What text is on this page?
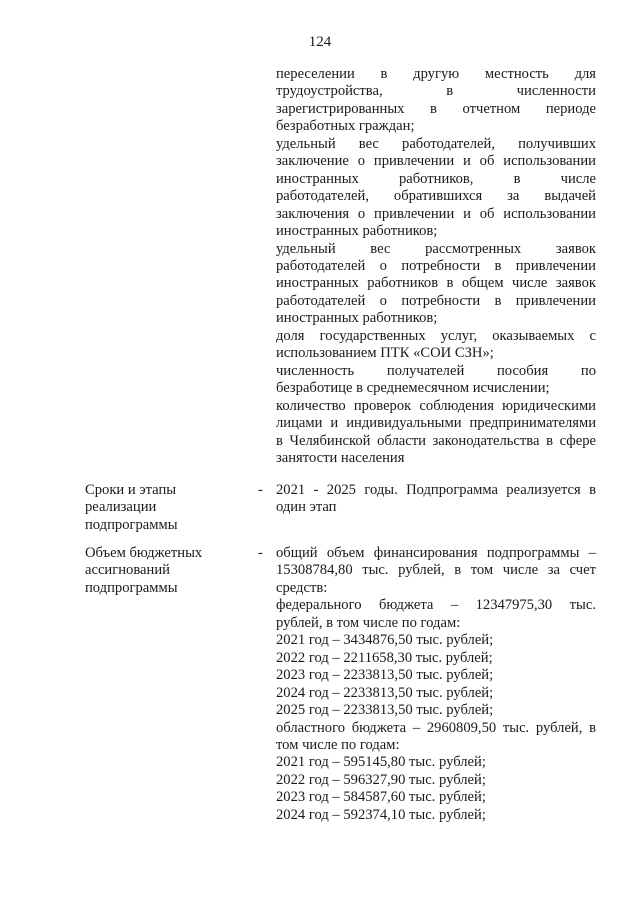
124
переселении в другую местность для
трудоустройства, в численности
зарегистрированных в отчетном периоде
безработных граждан;
удельный вес работодателей, получивших
заключение о привлечении и об использовании
иностранных работников, в числе
работодателей, обратившихся за выдачей
заключения о привлечении и об использовании
иностранных работников;
удельный вес рассмотренных заявок
работодателей о потребности в привлечении
иностранных работников в общем числе заявок
работодателей о потребности в привлечении
иностранных работников;
доля государственных услуг, оказываемых с
использованием ПТК «СОИ СЗН»;
численность получателей пособия по
безработице в среднемесячном исчислении;
количество проверок соблюдения юридическими
лицами и индивидуальными предпринимателями
в Челябинской области законодательства в сфере
занятости населения
Сроки и этапы
реализации
подпрограммы
- 2021 - 2025 годы. Подпрограмма реализуется в
один этап
Объем бюджетных
ассигнований
подпрограммы
- общий объем финансирования подпрограммы –
15308784,80 тыс. рублей, в том числе за счет
средств:
федерального бюджета – 12347975,30 тыс.
рублей, в том числе по годам:
2021 год – 3434876,50 тыс. рублей;
2022 год – 2211658,30 тыс. рублей;
2023 год – 2233813,50 тыс. рублей;
2024 год – 2233813,50 тыс. рублей;
2025 год – 2233813,50 тыс. рублей;
областного бюджета – 2960809,50 тыс. рублей, в
том числе по годам:
2021 год – 595145,80 тыс. рублей;
2022 год – 596327,90 тыс. рублей;
2023 год – 584587,60 тыс. рублей;
2024 год – 592374,10 тыс. рублей;
